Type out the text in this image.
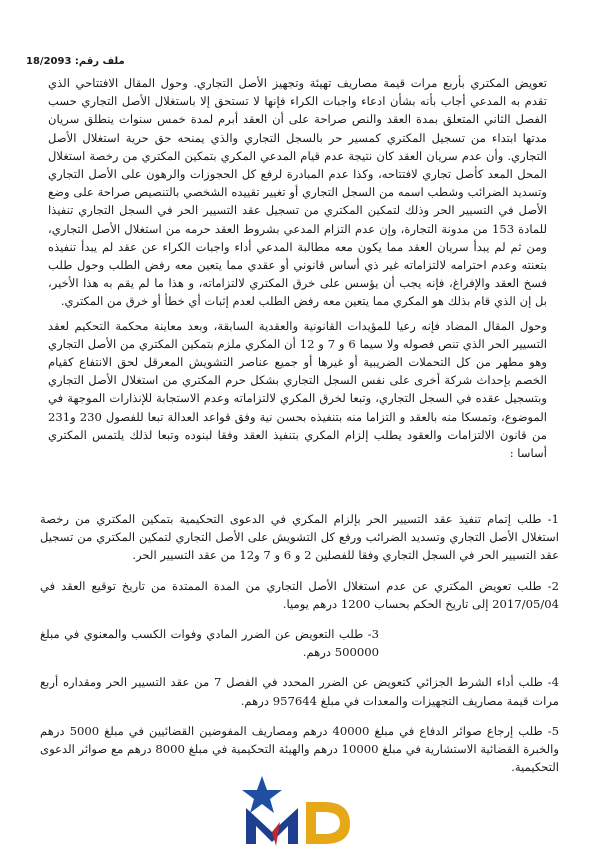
ملف رقم: 18/2093

تعويض المكتري بأربع مرات قيمة مصاريف تهيئة وتجهيز الأصل التجاري. وحول المقال الافتتاحي الذي تقدم به المدعي أجاب بأنه بشأن ادعاء واجبات الكراء فإنها لا تستحق إلا باستغلال الأصل التجاري حسب الفصل الثاني المتعلق بمدة العقد والنص صراحة على أن العقد أبرم لمدة خمس سنوات ينطلق سريان مدتها ابتداء من تسجيل المكتري كمسير حر بالسجل التجاري والذي يمنحه حق حرية استغلال الأصل التجاري. وأن عدم سريان العقد كان نتيجة عدم قيام المدعي المكري بتمكين المكتري من رخصة استغلال المحل المعد كأصل تجاري لافتتاحه، وكذا عدم المبادرة لرفع كل الحجوزات والرهون على الأصل التجاري وتسديد الضرائب وشطب اسمه من السجل التجاري أو تغيير تقييده الشخصي بالتنصيص صراحة على وضع الأصل في التسيير الحر وذلك لتمكين المكتري من تسجيل عقد التسيير الحر في السجل التجاري تنفيذا للمادة 153 من مدونة التجارة، وإن عدم التزام المدعي بشروط العقد حرمه من استغلال الأصل التجاري، ومن ثم لم يبدأ سريان العقد مما يكون معه مطالبة المدعي أداء واجبات الكراء عن عقد لم يبدأ تنفيذه بتعنته وعدم احترامه لالتزاماته غير ذي أساس قانوني أو عقدي مما يتعين معه رفض الطلب وحول طلب فسخ العقد والإفراغ، فإنه يجب أن يؤسس على خرق المكتري لالتزاماته، و هذا ما لم يقم به هذا الأخير، بل إن الذي قام بذلك هو المكري مما يتعين معه رفض الطلب لعدم إثبات أي خطأ أو خرق من المكتري.

وحول المقال المضاد فإنه رعيا للمؤيدات القانونية والعقدية السابقة، وبعد معاينة محكمة التحكيم لعقد التسيير الحر الذي تنص فصوله ولا سيما 6 و 7 و 12 أن المكري ملزم بتمكين المكتري من الأصل التجاري وهو مطهر من كل التحملات الضريبية أو غيرها أو جميع عناصر التشويش المعرقل لحق الانتفاع كقيام الخصم بإحداث شركة أخرى على نفس السجل التجاري بشكل حرم المكتري من استغلال الأصل التجاري وبتسجيل عقده في السجل التجاري، وتبعا لخرق المكري لالتزاماته وعدم الاستجابة للإنذارات الموجهة في الموضوع، وتمسكا منه بالعقد و التزاما منه بتنفيذه بحسن نية وفق قواعد العدالة تبعا للفصول 230 و231 من قانون الالتزامات والعقود يطلب إلزام المكري بتنفيذ العقد وفقا لبنوده وتبعا لذلك يلتمس المكتري أساسا :

1- طلب إتمام تنفيذ عقد التسيير الحر بإلزام المكري في الدعوى التحكيمية بتمكين المكتري من رخصة استغلال الأصل التجاري وتسديد الضرائب ورفع كل التشويش على الأصل التجاري لتمكين المكتري من تسجيل عقد التسيير الحر في السجل التجاري وفقا للفصلين 2 و 6 و 7 و12 من عقد التسيير الحر.

2- طلب تعويض المكتري عن عدم استغلال الأصل التجاري من المدة الممتدة من تاريخ توقيع العقد في 2017/05/04 إلى تاريخ الحكم بحساب 1200 درهم يوميا.

3- طلب التعويض عن الضرر المادي وفوات الكسب والمعنوي في مبلغ 500000 درهم.

4- طلب أداء الشرط الجزائي كتعويض عن الضرر المحدد في الفصل 7 من عقد التسيير الحر ومقداره أربع مرات قيمة مصاريف التجهيزات والمعدات في مبلغ 957644 درهم.

5- طلب إرجاع صوائر الدفاع في مبلغ 40000 درهم ومصاريف المفوضين القضائيين في مبلغ 5000 درهم والخبرة القضائية الاستشارية في مبلغ 10000 درهم والهيئة التحكيمية في مبلغ 8000 درهم مع صوائر الدعوى التحكيمية.
